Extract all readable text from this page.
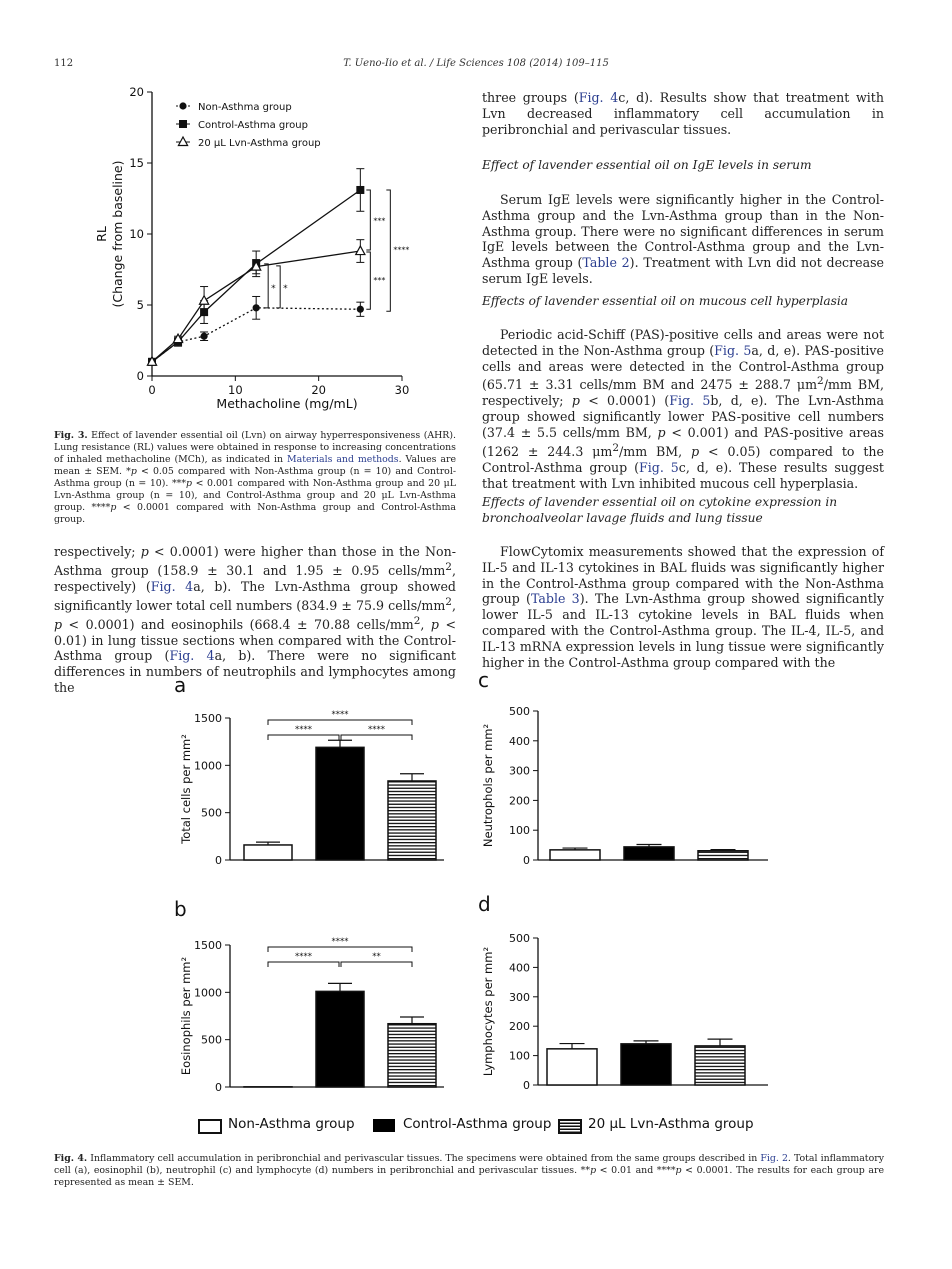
112	T. Ueno-Iio et al. / Life Sciences 108 (2014) 109–115
0
5
10
15
20
0	10	20	30
Methacholine (mg/mL)
RL (Change from baseline)
Non-Asthma group
Control-Asthma group
20 μL Lvn-Asthma group
***
***
****
* *

Fig. 3. Effect of lavender essential oil (Lvn) on airway hyperresponsiveness (AHR). Lung resistance (RL) values were obtained in response to increasing concentrations of inhaled methacholine (MCh), as indicated in Materials and methods. Values are mean ± SEM. *p < 0.05 compared with Non-Asthma group (n = 10) and Control-Asthma group (n = 10). ***p < 0.001 compared with Non-Asthma group and 20 μL Lvn-Asthma group (n = 10), and Control-Asthma group and 20 μL Lvn-Asthma group. ****p < 0.0001 compared with Non-Asthma group and Control-Asthma group.

respectively; p < 0.0001) were higher than those in the Non-Asthma group (158.9 ± 30.1 and 1.95 ± 0.95 cells/$mm^2$, respectively) (Fig. 4a, b). The Lvn-Asthma group showed significantly lower total cell numbers (834.9 ± 75.9 cells/$mm^2$, p < 0.0001) and eosinophils (668.4 ± 70.88 cells/$mm^2$, p < 0.01) in lung tissue sections when compared with the Control-Asthma group (Fig. 4a, b). There were no significant differences in numbers of neutrophils and lymphocytes among the

three groups (Fig. 4c, d). Results show that treatment with Lvn decreased inflammatory cell accumulation in peribronchial and perivascular tissues.

Effect of lavender essential oil on IgE levels in serum

Serum IgE levels were significantly higher in the Control-Asthma group and the Lvn-Asthma group than in the Non-Asthma group. There were no significant differences in serum IgE levels between the Control-Asthma group and the Lvn-Asthma group (Table 2). Treatment with Lvn did not decrease serum IgE levels.

Effects of lavender essential oil on mucous cell hyperplasia

Periodic acid-Schiff (PAS)-positive cells and areas were not detected in the Non-Asthma group (Fig. 5a, d, e). PAS-positive cells and areas were detected in the Control-Asthma group (65.71 ± 3.31 cells/mm BM and 2475 ± 288.7 $\mu m^2/mm$ BM, respectively; p < 0.0001) (Fig. 5b, d, e). The Lvn-Asthma group showed significantly lower PAS-positive cell numbers (37.4 ± 5.5 cells/mm BM, p < 0.001) and PAS-positive areas (1262 ± 244.3 $\mu m^2/mm$ BM, p < 0.05) compared to the Control-Asthma group (Fig. 5c, d, e). These results suggest that treatment with Lvn inhibited mucous cell hyperplasia.

Effects of lavender essential oil on cytokine expression in bronchoalveolar lavage fluids and lung tissue

FlowCytomix measurements showed that the expression of IL-5 and IL-13 cytokines in BAL fluids was significantly higher in the Control-Asthma group compared with the Non-Asthma group (Table 3). The Lvn-Asthma group showed significantly lower IL-5 and IL-13 cytokine levels in BAL fluids when compared with the Control-Asthma group. The IL-4, IL-5, and IL-13 mRNA expression levels in lung tissue were significantly higher in the Control-Asthma group compared with the

a	c
b	d
0
500
1000
1500
Total cells per mm²
****	****
****
0
500
1000
1500
Eosinophils per mm²	****	**
****
0
100
200
300
400
500
Neutrophols per mm²
0
100
200
300
400
500
Lymphocytes per mm²
Non-Asthma group	Control-Asthma group	20 μL Lvn-Asthma group

Fig. 4. Inflammatory cell accumulation in peribronchial and perivascular tissues. The specimens were obtained from the same groups described in Fig. 2. Total inflammatory cell (a), eosinophil (b), neutrophil (c) and lymphocyte (d) numbers in peribronchial and perivascular tissues. **p < 0.01 and ****p < 0.0001. The results for each group are represented as mean ± SEM.
